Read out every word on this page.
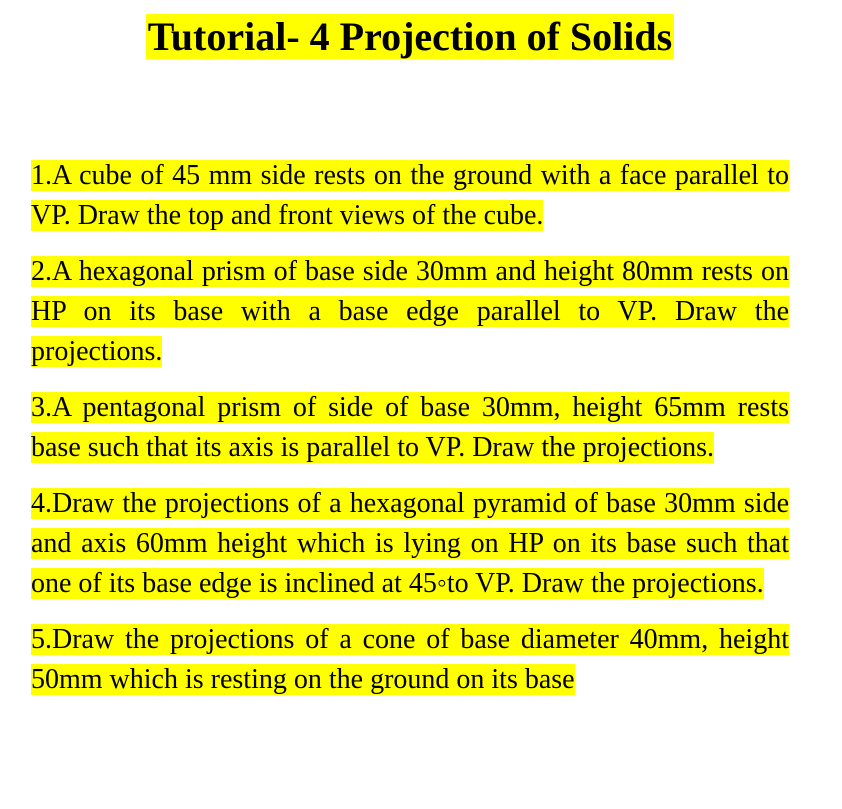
Tutorial- 4 Projection of Solids

1.A cube of 45 mm side rests on the ground with a face parallel to VP. Draw the top and front views of the cube.

2.A hexagonal prism of base side 30mm and height 80mm rests on HP on its base with a base edge parallel to VP. Draw the projections.

3.A pentagonal prism of side of base 30mm, height 65mm rests base such that its axis is parallel to VP. Draw the projections.

4.Draw the projections of a hexagonal pyramid of base 30mm side and axis 60mm height which is lying on HP on its base such that one of its base edge is inclined at 45◦to VP. Draw the projections.

5.Draw the projections of a cone of base diameter 40mm, height 50mm which is resting on the ground on its base
